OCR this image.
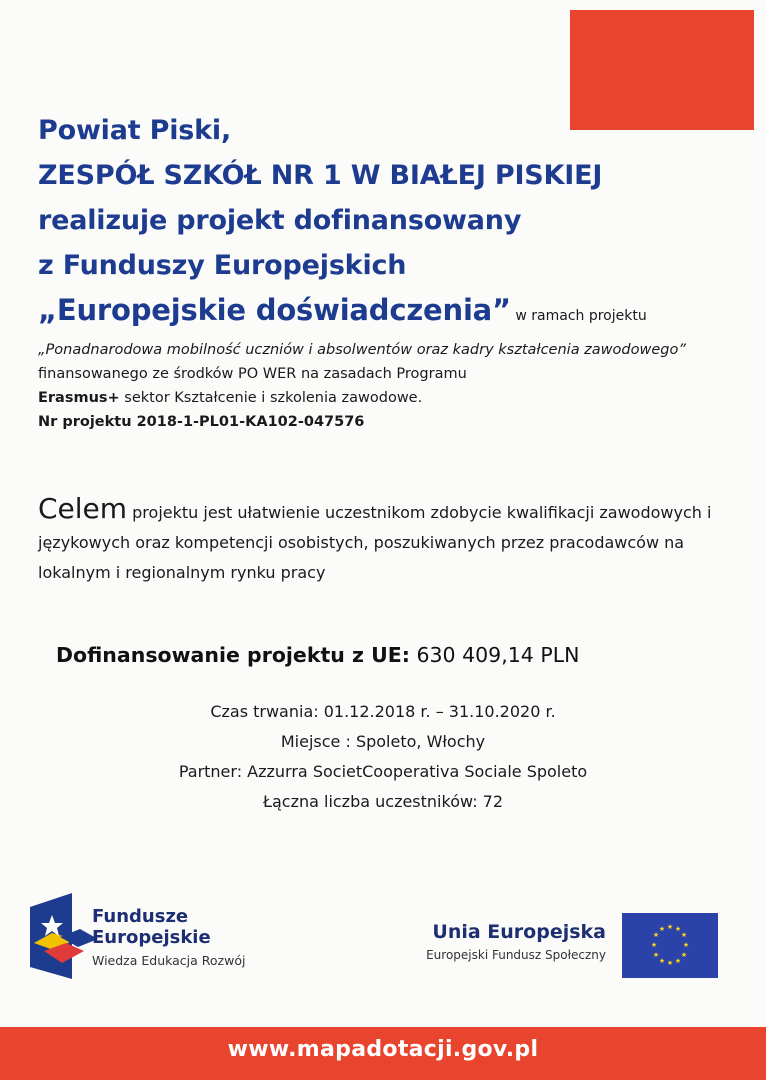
Powiat Piski,
ZESPÓŁ SZKÓŁ NR 1 W BIAŁEJ PISKIEJ
realizuje projekt dofinansowany
z Funduszy Europejskich
„Europejskie doświadczenia” w ramach projektu
„Ponadnarodowa mobilność uczniów i absolwentów oraz kadry kształcenia zawodowego” finansowanego ze środków PO WER na zasadach Programu
Erasmus+ sektor Kształcenie i szkolenia zawodowe.
Nr projektu 2018-1-PL01-KA102-047576
Celem projektu jest ułatwienie uczestnikom zdobycie kwalifikacji zawodowych i językowych oraz kompetencji osobistych, poszukiwanych przez pracodawców na lokalnym i regionalnym rynku pracy
Dofinansowanie projektu z UE: 630 409,14 PLN
Czas trwania: 01.12.2018 r. – 31.10.2020 r.
Miejsce : Spoleto, Włochy
Partner: Azzurra SocietCooperativa Sociale Spoleto
Łączna liczba uczestników: 72
Fundusze
Europejskie
Wiedza Edukacja Rozwój
Unia Europejska
Europejski Fundusz Społeczny
★ ★
★
★
★
★
★
★
★
★
★
★
www.mapadotacji.gov.pl
